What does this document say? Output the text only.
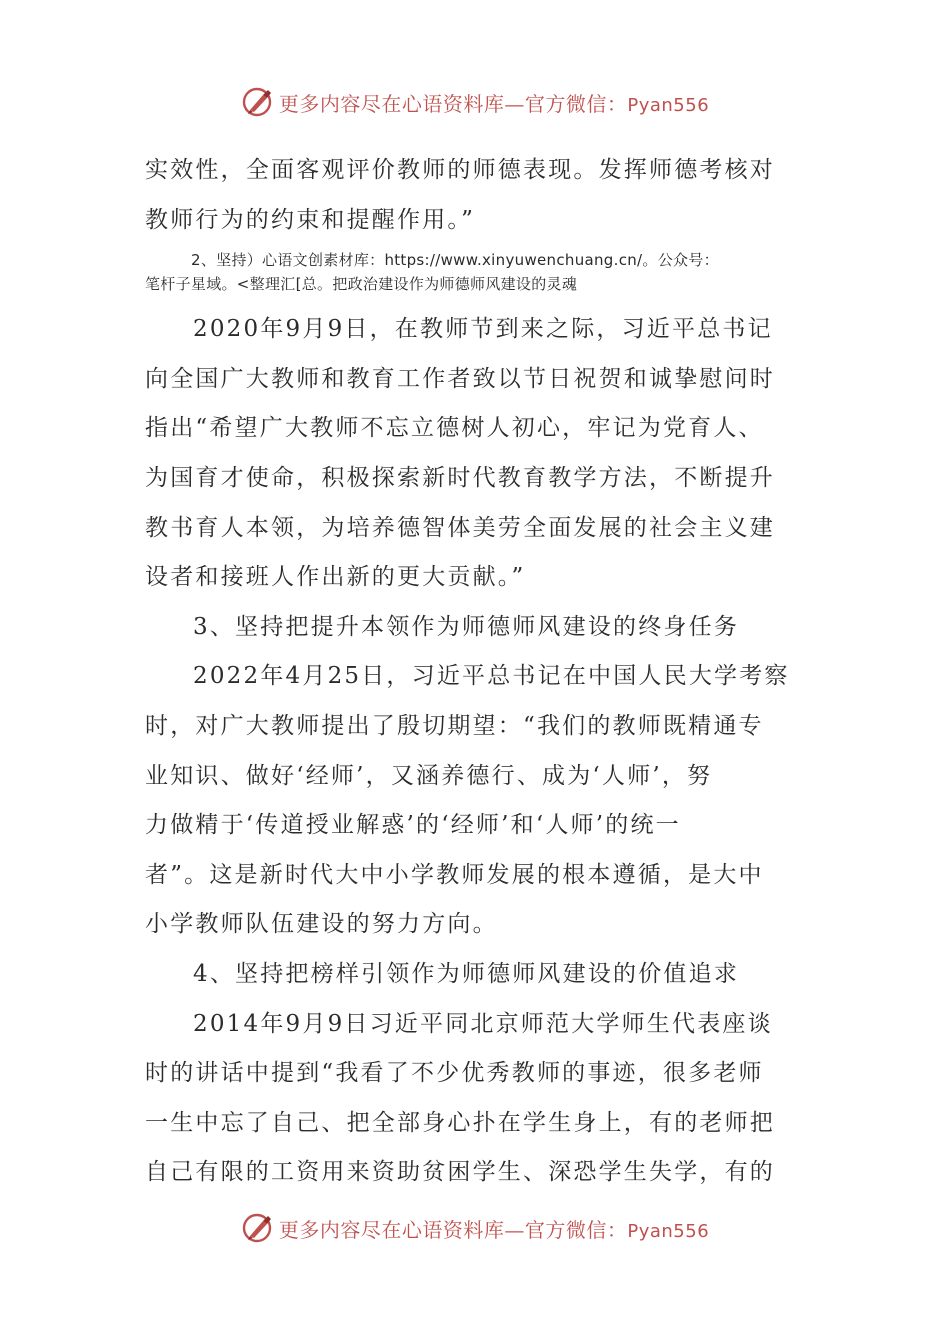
更多内容尽在心语资料库—官方微信：Pyan556

实效性，全面客观评价教师的师德表现。发挥师德考核对

教师行为的约束和提醒作用。”

2、坚持）心语文创素材库：https://www.xinyuwenchuang.cn/。公众号：

笔杆子星域。<整理汇[总。把政治建设作为师德师风建设的灵魂

2020年9月9日，在教师节到来之际，习近平总书记

向全国广大教师和教育工作者致以节日祝贺和诚挚慰问时

指出“希望广大教师不忘立德树人初心，牢记为党育人、

为国育才使命，积极探索新时代教育教学方法，不断提升

教书育人本领，为培养德智体美劳全面发展的社会主义建

设者和接班人作出新的更大贡献。”

3、坚持把提升本领作为师德师风建设的终身任务

2022年4月25日，习近平总书记在中国人民大学考察

时，对广大教师提出了殷切期望：“我们的教师既精通专

业知识、做好‘经师’，又涵养德行、成为‘人师’，努

力做精于‘传道授业解惑’的‘经师’和‘人师’的统一

者”。这是新时代大中小学教师发展的根本遵循，是大中

小学教师队伍建设的努力方向。

4、坚持把榜样引领作为师德师风建设的价值追求

2014年9月9日习近平同北京师范大学师生代表座谈

时的讲话中提到“我看了不少优秀教师的事迹，很多老师

一生中忘了自己、把全部身心扑在学生身上，有的老师把

自己有限的工资用来资助贫困学生、深恐学生失学，有的

更多内容尽在心语资料库—官方微信：Pyan556
